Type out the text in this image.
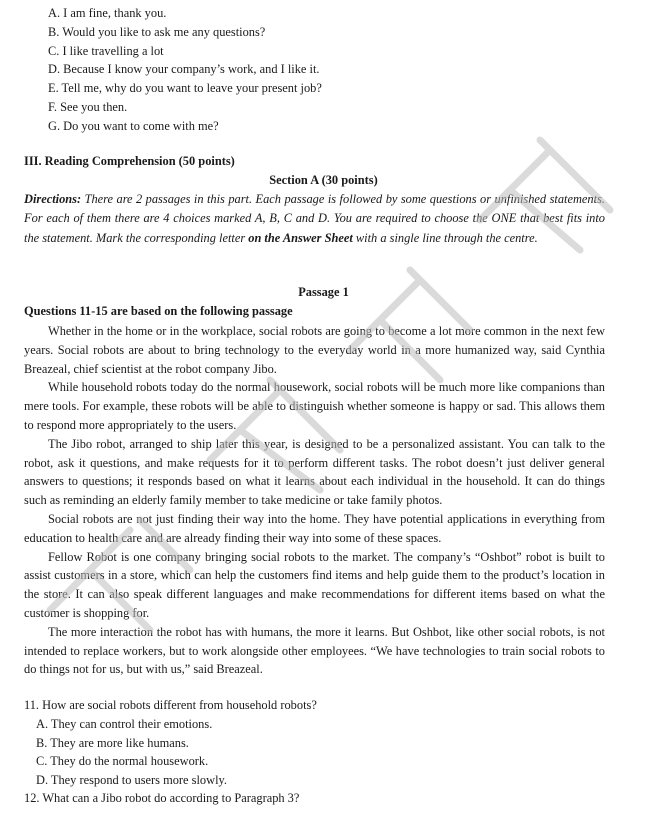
A. I am fine, thank you.
B. Would you like to ask me any questions?
C. I like travelling a lot
D. Because I know your company’s work, and I like it.
E. Tell me, why do you want to leave your present job?
F. See you then.
G. Do you want to come with me?
III. Reading Comprehension (50 points)
Section A (30 points)
Directions: There are 2 passages in this part. Each passage is followed by some questions or unfinished statements. For each of them there are 4 choices marked A, B, C and D. You are required to choose the ONE that best fits into the statement. Mark the corresponding letter on the Answer Sheet with a single line through the centre.
Passage 1
Questions 11-15 are based on the following passage

Whether in the home or in the workplace, social robots are going to become a lot more common in the next few years. Social robots are about to bring technology to the everyday world in a more humanized way, said Cynthia Breazeal, chief scientist at the robot company Jibo.

While household robots today do the normal housework, social robots will be much more like companions than mere tools. For example, these robots will be able to distinguish whether someone is happy or sad. This allows them to respond more appropriately to the users.

The Jibo robot, arranged to ship later this year, is designed to be a personalized assistant. You can talk to the robot, ask it questions, and make requests for it to perform different tasks. The robot doesn’t just deliver general answers to questions; it responds based on what it learns about each individual in the household. It can do things such as reminding an elderly family member to take medicine or take family photos.

Social robots are not just finding their way into the home. They have potential applications in everything from education to health care and are already finding their way into some of these spaces.

Fellow Robot is one company bringing social robots to the market. The company’s “Oshbot” robot is built to assist customers in a store, which can help the customers find items and help guide them to the product’s location in the store. It can also speak different languages and make recommendations for different items based on what the customer is shopping for.

The more interaction the robot has with humans, the more it learns. But Oshbot, like other social robots, is not intended to replace workers, but to work alongside other employees. “We have technologies to train social robots to do things not for us, but with us,” said Breazeal.

11. How are social robots different from household robots?
A. They can control their emotions.
B. They are more like humans.
C. They do the normal housework.
D. They respond to users more slowly.
12. What can a Jibo robot do according to Paragraph 3?
